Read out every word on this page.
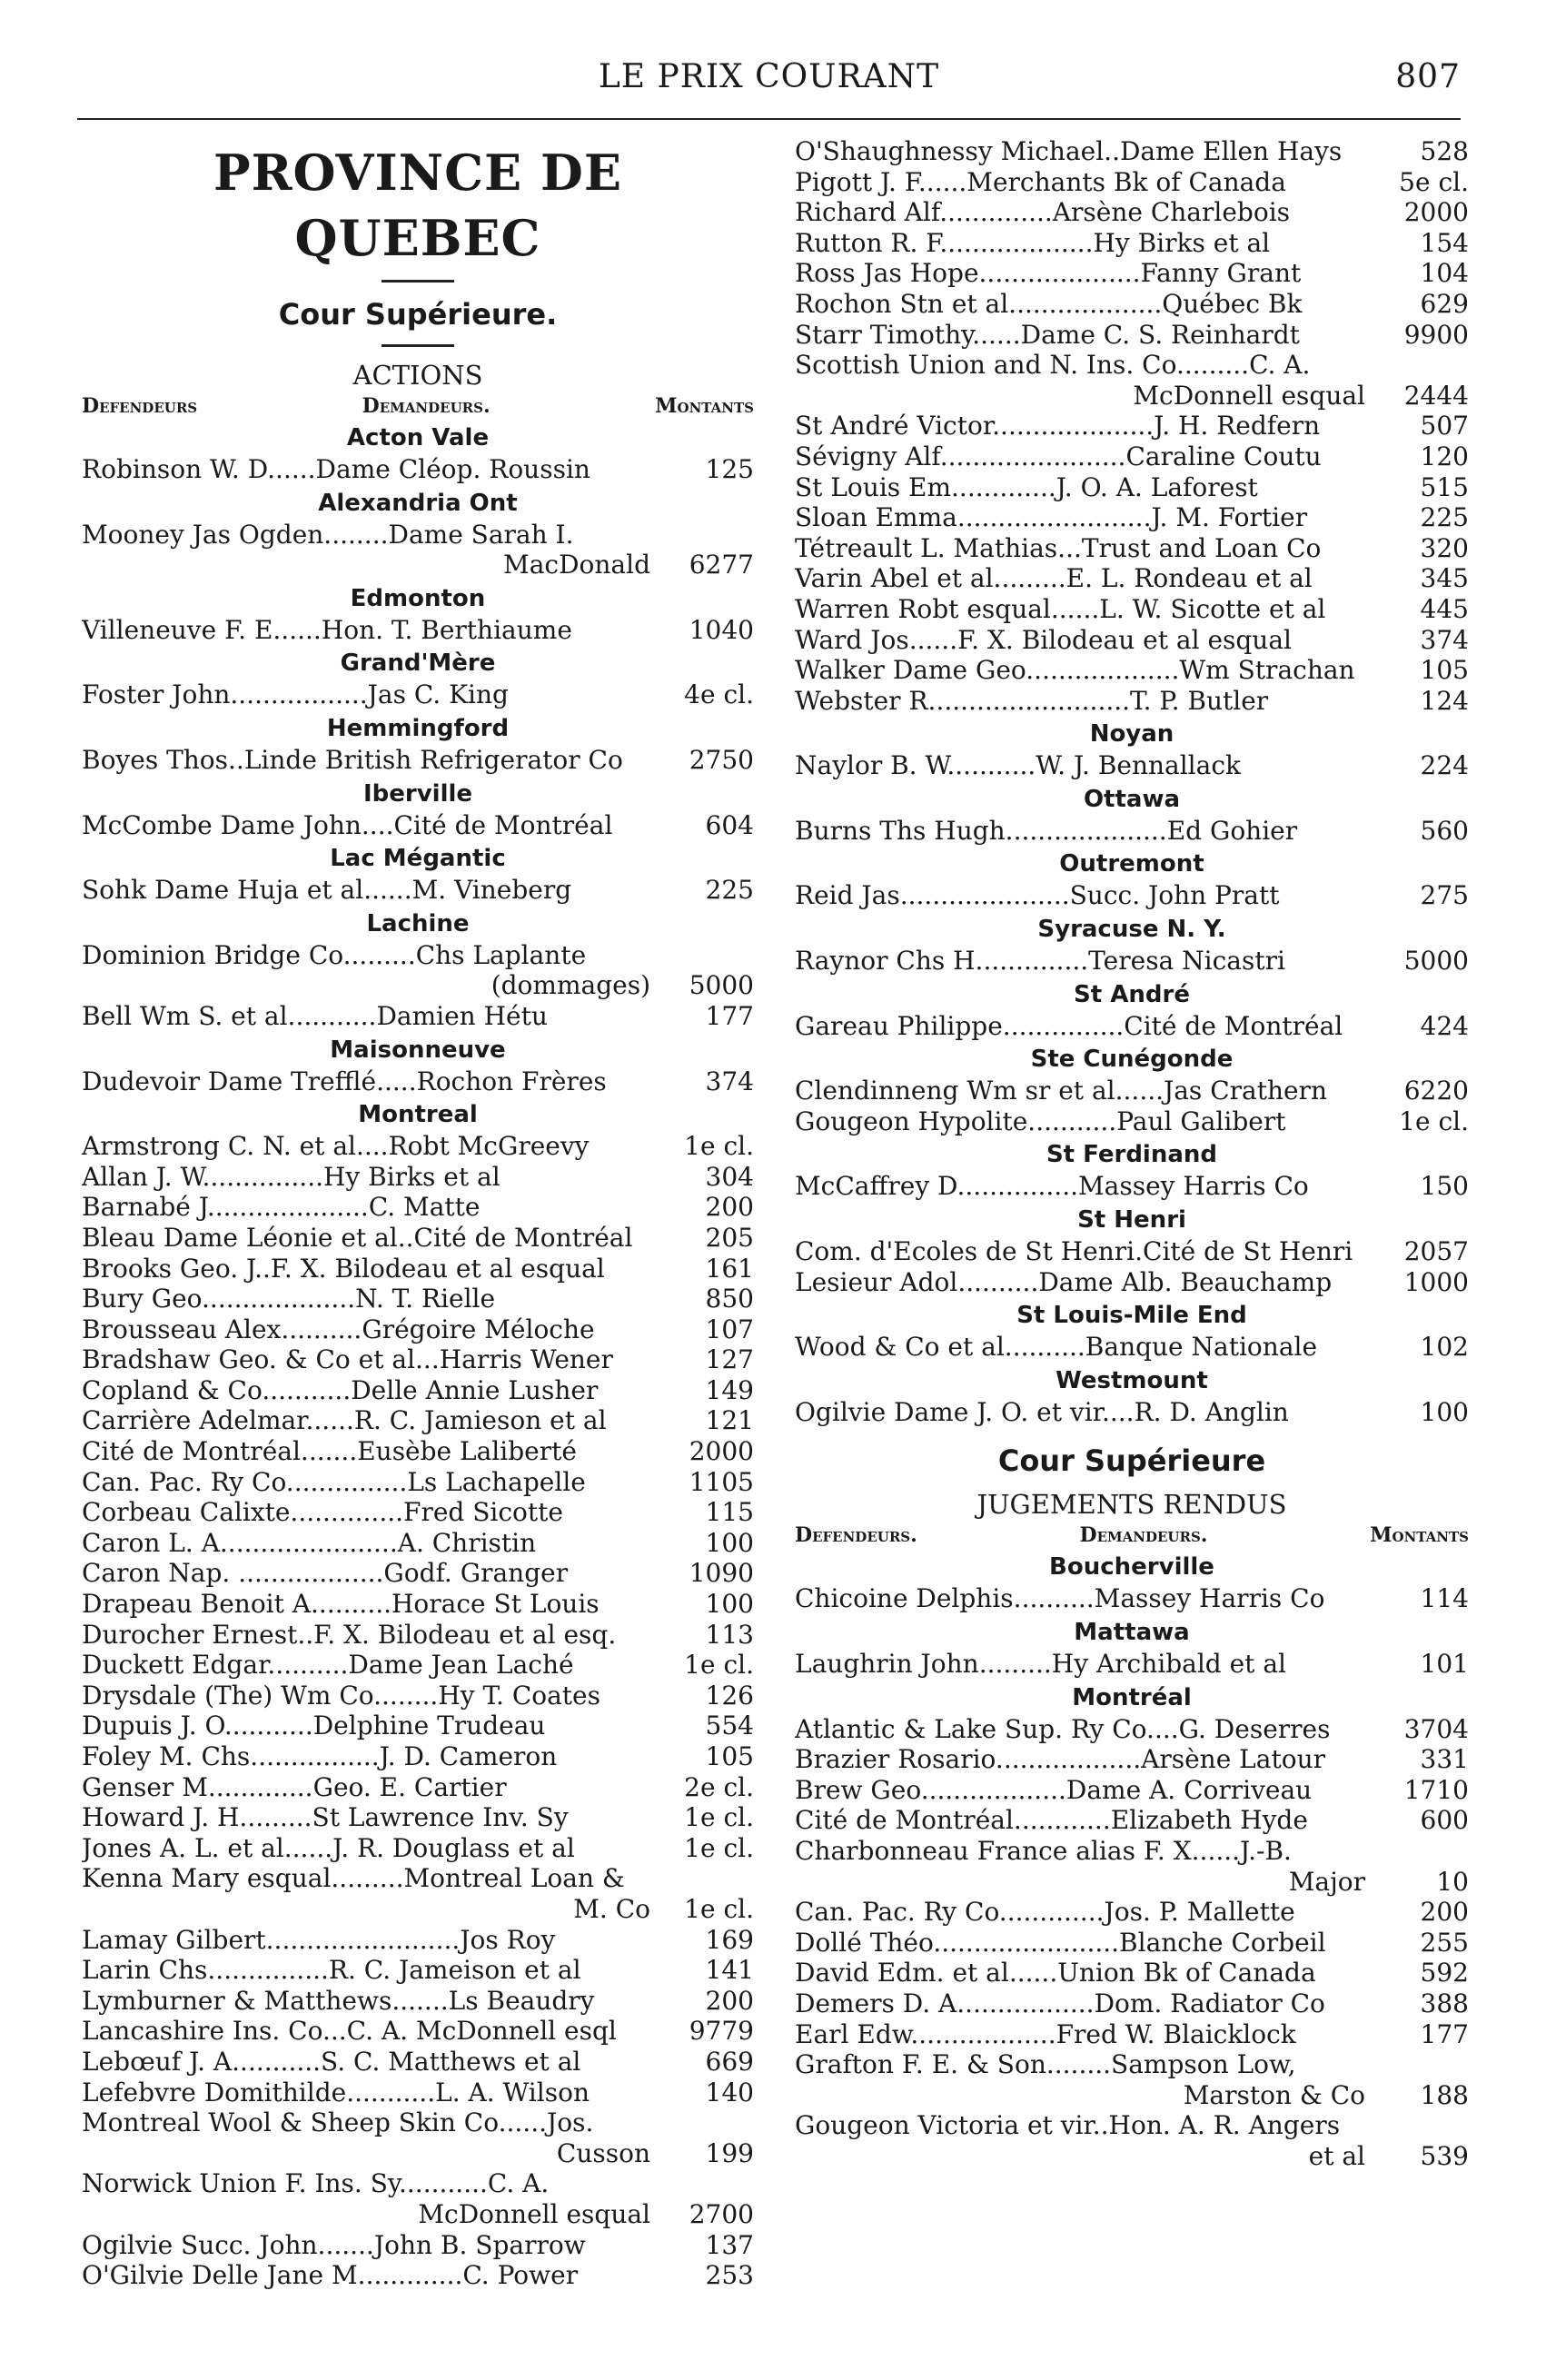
LE PRIX COURANT	807
PROVINCE DE QUEBEC
Cour Supérieure.
ACTIONS
Defendeurs	Demandeurs.	Montants
Acton Vale
Robinson W. D......Dame Cléop. Roussin	125
Alexandria Ont
Mooney Jas Ogden........Dame Sarah I.
MacDonald	6277
Edmonton
Villeneuve F. E......Hon. T. Berthiaume	1040
Grand'Mère
Foster John.................Jas C. King	4e cl.
Hemmingford
Boyes Thos..Linde British Refrigerator Co	2750
Iberville
McCombe Dame John....Cité de Montréal	604
Lac Mégantic
Sohk Dame Huja et al......M. Vineberg	225
Lachine
Dominion Bridge Co.........Chs Laplante
(dommages)	5000
Bell Wm S. et al...........Damien Hétu	177
Maisonneuve
Dudevoir Dame Trefflé.....Rochon Frères	374
Montreal
Armstrong C. N. et al....Robt McGreevy	1e cl.
Allan J. W...............Hy Birks et al	304
Barnabé J....................C. Matte	200
Bleau Dame Léonie et al..Cité de Montréal	205
Brooks Geo. J..F. X. Bilodeau et al esqual	161
Bury Geo...................N. T. Rielle	850
Brousseau Alex..........Grégoire Méloche	107
Bradshaw Geo. & Co et al...Harris Wener	127
Copland & Co...........Delle Annie Lusher	149
Carrière Adelmar......R. C. Jamieson et al	121
Cité de Montréal.......Eusèbe Laliberté	2000
Can. Pac. Ry Co...............Ls Lachapelle	1105
Corbeau Calixte..............Fred Sicotte	115
Caron L. A......................A. Christin	100
Caron Nap. ..................Godf. Granger	1090
Drapeau Benoit A..........Horace St Louis	100
Durocher Ernest..F. X. Bilodeau et al esq.	113
Duckett Edgar..........Dame Jean Laché	1e cl.
Drysdale (The) Wm Co........Hy T. Coates	126
Dupuis J. O...........Delphine Trudeau	554
Foley M. Chs................J. D. Cameron	105
Genser M.............Geo. E. Cartier	2e cl.
Howard J. H.........St Lawrence Inv. Sy	1e cl.
Jones A. L. et al......J. R. Douglass et al	1e cl.
Kenna Mary esqual.........Montreal Loan &
M. Co	1e cl.
Lamay Gilbert........................Jos Roy	169
Larin Chs...............R. C. Jameison et al	141
Lymburner & Matthews.......Ls Beaudry	200
Lancashire Ins. Co...C. A. McDonnell esql	9779
Lebœuf J. A...........S. C. Matthews et al	669
Lefebvre Domithilde...........L. A. Wilson	140
Montreal Wool & Sheep Skin Co......Jos.
Cusson	199
Norwick Union F. Ins. Sy...........C. A.
McDonnell esqual	2700
Ogilvie Succ. John.......John B. Sparrow	137
O'Gilvie Delle Jane M.............C. Power	253
O'Shaughnessy Michael..Dame Ellen Hays	528
Pigott J. F......Merchants Bk of Canada	5e cl.
Richard Alf..............Arsène Charlebois	2000
Rutton R. F...................Hy Birks et al	154
Ross Jas Hope....................Fanny Grant	104
Rochon Stn et al...................Québec Bk	629
Starr Timothy......Dame C. S. Reinhardt	9900
Scottish Union and N. Ins. Co.........C. A.
McDonnell esqual	2444
St André Victor....................J. H. Redfern	507
Sévigny Alf.......................Caraline Coutu	120
St Louis Em.............J. O. A. Laforest	515
Sloan Emma........................J. M. Fortier	225
Tétreault L. Mathias...Trust and Loan Co	320
Varin Abel et al.........E. L. Rondeau et al	345
Warren Robt esqual......L. W. Sicotte et al	445
Ward Jos......F. X. Bilodeau et al esqual	374
Walker Dame Geo...................Wm Strachan	105
Webster R.........................T. P. Butler	124
Noyan
Naylor B. W...........W. J. Bennallack	224
Ottawa
Burns Ths Hugh....................Ed Gohier	560
Outremont
Reid Jas.....................Succ. John Pratt	275
Syracuse N. Y.
Raynor Chs H..............Teresa Nicastri	5000
St André
Gareau Philippe...............Cité de Montréal	424
Ste Cunégonde
Clendinneng Wm sr et al......Jas Crathern	6220
Gougeon Hypolite...........Paul Galibert	1e cl.
St Ferdinand
McCaffrey D...............Massey Harris Co	150
St Henri
Com. d'Ecoles de St Henri.Cité de St Henri	2057
Lesieur Adol..........Dame Alb. Beauchamp	1000
St Louis-Mile End
Wood & Co et al..........Banque Nationale	102
Westmount
Ogilvie Dame J. O. et vir....R. D. Anglin	100
Cour Supérieure
JUGEMENTS RENDUS
Defendeurs.	Demandeurs.	Montants
Boucherville
Chicoine Delphis..........Massey Harris Co	114
Mattawa
Laughrin John.........Hy Archibald et al	101
Montréal
Atlantic & Lake Sup. Ry Co....G. Deserres	3704
Brazier Rosario..................Arsène Latour	331
Brew Geo..................Dame A. Corriveau	1710
Cité de Montréal............Elizabeth Hyde	600
Charbonneau France alias F. X......J.-B.
Major	10
Can. Pac. Ry Co.............Jos. P. Mallette	200
Dollé Théo.......................Blanche Corbeil	255
David Edm. et al......Union Bk of Canada	592
Demers D. A.................Dom. Radiator Co	388
Earl Edw..................Fred W. Blaicklock	177
Grafton F. E. & Son........Sampson Low,
Marston & Co	188
Gougeon Victoria et vir..Hon. A. R. Angers
et al	539
